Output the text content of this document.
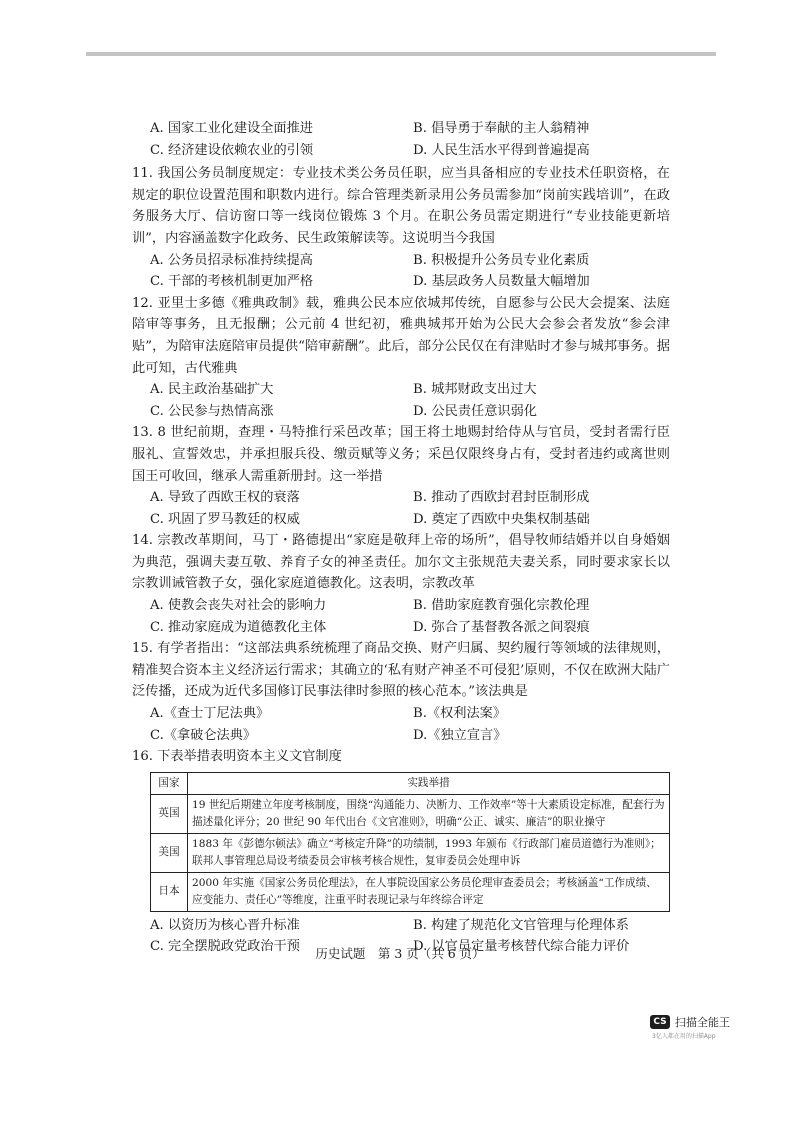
A. 国家工业化建设全面推进	B. 倡导勇于奉献的主人翁精神
C. 经济建设依赖农业的引领	D. 人民生活水平得到普遍提高

11. 我国公务员制度规定：专业技术类公务员任职，应当具备相应的专业技术任职资格，在规定的职位设置范围和职数内进行。综合管理类新录用公务员需参加“岗前实践培训”，在政务服务大厅、信访窗口等一线岗位锻炼 3 个月。在职公务员需定期进行“专业技能更新培训”，内容涵盖数字化政务、民生政策解读等。这说明当今我国

A. 公务员招录标准持续提高	B. 积极提升公务员专业化素质
C. 干部的考核机制更加严格	D. 基层政务人员数量大幅增加

12. 亚里士多德《雅典政制》载，雅典公民本应依城邦传统，自愿参与公民大会提案、法庭陪审等事务，且无报酬；公元前 4 世纪初，雅典城邦开始为公民大会参会者发放“参会津贴”，为陪审法庭陪审员提供“陪审薪酬”。此后，部分公民仅在有津贴时才参与城邦事务。据此可知，古代雅典

A. 民主政治基础扩大	B. 城邦财政支出过大
C. 公民参与热情高涨	D. 公民责任意识弱化

13. 8 世纪前期，查理・马特推行采邑改革；国王将土地赐封给侍从与官员，受封者需行臣服礼、宣誓效忠，并承担服兵役、缴贡赋等义务；采邑仅限终身占有，受封者违约或离世则国王可收回，继承人需重新册封。这一举措

A. 导致了西欧王权的衰落	B. 推动了西欧封君封臣制形成
C. 巩固了罗马教廷的权威	D. 奠定了西欧中央集权制基础

14. 宗教改革期间，马丁・路德提出“家庭是敬拜上帝的场所”，倡导牧师结婚并以自身婚姻为典范，强调夫妻互敬、养育子女的神圣责任。加尔文主张规范夫妻关系，同时要求家长以宗教训诫管教子女，强化家庭道德教化。这表明，宗教改革

A. 使教会丧失对社会的影响力	B. 借助家庭教育强化宗教伦理
C. 推动家庭成为道德教化主体	D. 弥合了基督教各派之间裂痕

15. 有学者指出：“这部法典系统梳理了商品交换、财产归属、契约履行等领域的法律规则，精准契合资本主义经济运行需求；其确立的‘私有财产神圣不可侵犯’原则，不仅在欧洲大陆广泛传播，还成为近代多国修订民事法律时参照的核心范本。”该法典是

A.《查士丁尼法典》	B.《权利法案》
C.《拿破仑法典》	D.《独立宣言》

16. 下表举措表明资本主义文官制度

国家	实践举措
英国	19 世纪后期建立年度考核制度，围绕“沟通能力、决断力、工作效率”等十大素质设定标准，配套行为描述量化评分；20 世纪 90 年代出台《文官准则》，明确“公正、诚实、廉洁”的职业操守
美国	1883 年《彭德尔顿法》确立“考核定升降”的功绩制，1993 年颁布《行政部门雇员道德行为准则》；联邦人事管理总局设考绩委员会审核考核合规性，复审委员会处理申诉
日本	2000 年实施《国家公务员伦理法》，在人事院设国家公务员伦理审查委员会；考核涵盖“工作成绩、应变能力、责任心”等维度，注重平时表现记录与年终综合评定
A. 以资历为核心晋升标准	B. 构建了规范化文官管理与伦理体系
C. 完全摆脱政党政治干预	D. 以官员定量考核替代综合能力评价
历史试题　第 3 页（共 6 页）
CS 扫描全能王
3亿人都在用的扫描App
